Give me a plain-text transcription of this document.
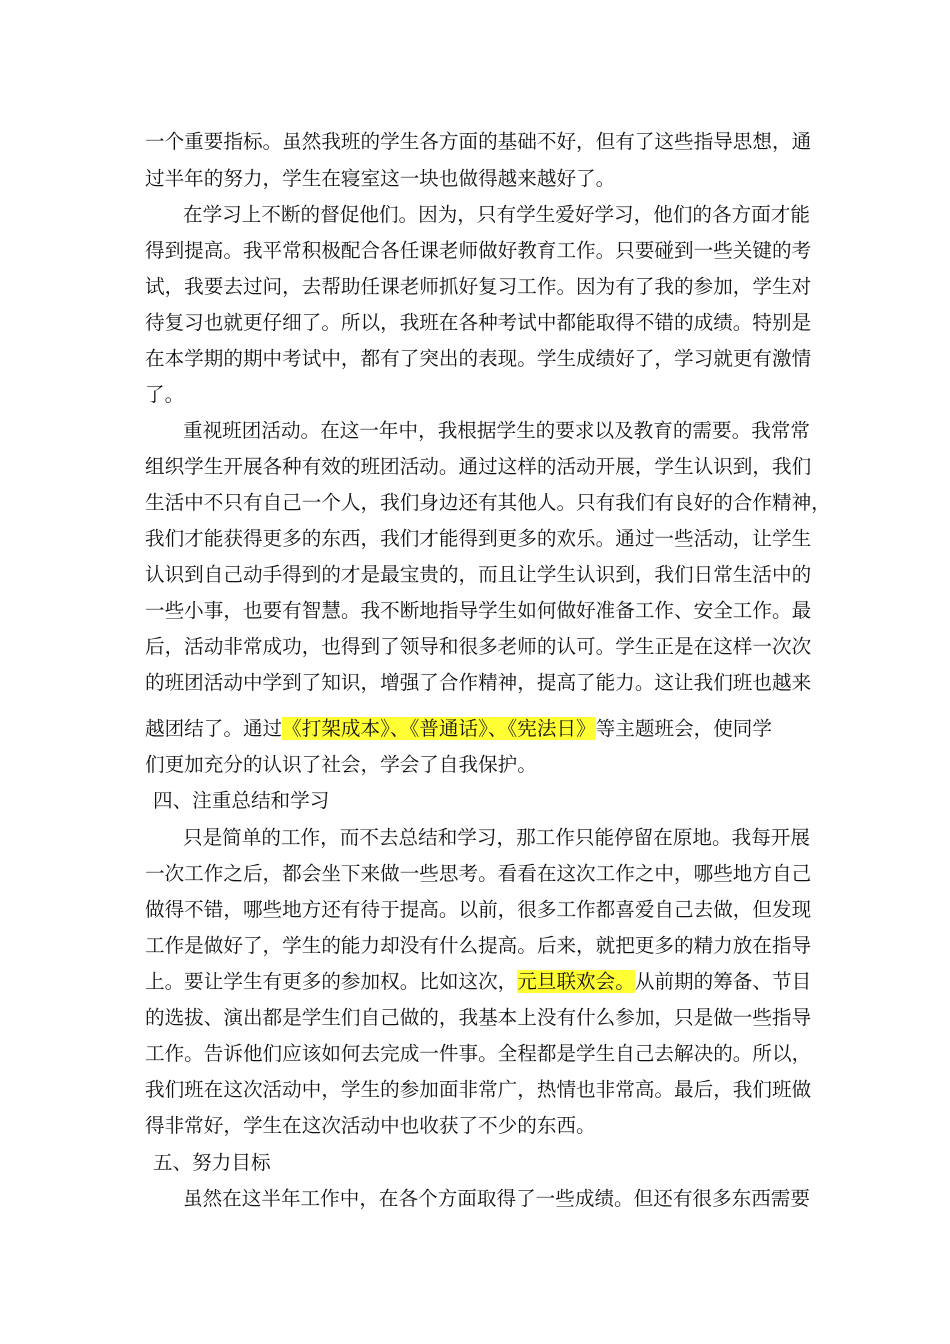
一个重要指标。虽然我班的学生各方面的基础不好，但有了这些指导思想，通
过半年的努力，学生在寝室这一块也做得越来越好了。
在学习上不断的督促他们。因为，只有学生爱好学习，他们的各方面才能
得到提高。我平常积极配合各任课老师做好教育工作。只要碰到一些关键的考
试，我要去过问，去帮助任课老师抓好复习工作。因为有了我的参加，学生对
待复习也就更仔细了。所以，我班在各种考试中都能取得不错的成绩。特别是
在本学期的期中考试中，都有了突出的表现。学生成绩好了，学习就更有激情
了。
重视班团活动。在这一年中，我根据学生的要求以及教育的需要。我常常
组织学生开展各种有效的班团活动。通过这样的活动开展，学生认识到，我们
生活中不只有自己一个人，我们身边还有其他人。只有我们有良好的合作精神，
我们才能获得更多的东西，我们才能得到更多的欢乐。通过一些活动，让学生
认识到自己动手得到的才是最宝贵的，而且让学生认识到，我们日常生活中的
一些小事，也要有智慧。我不断地指导学生如何做好准备工作、安全工作。最
后，活动非常成功，也得到了领导和很多老师的认可。学生正是在这样一次次
的班团活动中学到了知识，增强了合作精神，提高了能力。这让我们班也越来
越团结了。通过《打架成本》、《普通话》、《宪法日》等主题班会，使同学
们更加充分的认识了社会，学会了自我保护。
四、注重总结和学习
只是简单的工作，而不去总结和学习，那工作只能停留在原地。我每开展
一次工作之后，都会坐下来做一些思考。看看在这次工作之中，哪些地方自己
做得不错，哪些地方还有待于提高。以前，很多工作都喜爱自己去做，但发现
工作是做好了，学生的能力却没有什么提高。后来，就把更多的精力放在指导
上。要让学生有更多的参加权。比如这次，元旦联欢会。从前期的筹备、节目
的选拔、演出都是学生们自己做的，我基本上没有什么参加，只是做一些指导
工作。告诉他们应该如何去完成一件事。全程都是学生自己去解决的。所以，
我们班在这次活动中，学生的参加面非常广，热情也非常高。最后，我们班做
得非常好，学生在这次活动中也收获了不少的东西。
五、努力目标
虽然在这半年工作中，在各个方面取得了一些成绩。但还有很多东西需要
